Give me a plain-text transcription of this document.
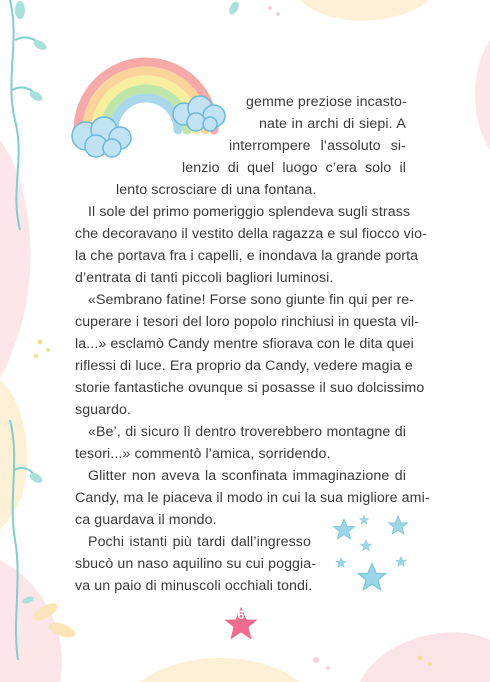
6
gemme preziose incasto-
nate in archi di siepi. A
interrompere l’assoluto si-
lenzio di quel luogo c’era solo il
lento scrosciare di una fontana.
Il sole del primo pomeriggio splendeva sugli strass
che decoravano il vestito della ragazza e sul fiocco vio-
la che portava fra i capelli, e inondava la grande porta
d’entrata di tanti piccoli bagliori luminosi.
«Sembrano fatine! Forse sono giunte fin qui per re-
cuperare i tesori del loro popolo rinchiusi in questa vil-
la...» esclamò Candy mentre sfiorava con le dita quei
riflessi di luce. Era proprio da Candy, vedere magia e
storie fantastiche ovunque si posasse il suo dolcissimo
sguardo.
«Be’, di sicuro lì dentro troverebbero montagne di
tesori...» commentò l’amica, sorridendo.
Glitter non aveva la sconfinata immaginazione di
Candy, ma le piaceva il modo in cui la sua migliore ami-
ca guardava il mondo.
Pochi istanti più tardi dall’ingresso
sbucò un naso aquilino su cui poggia-
va un paio di minuscoli occhiali tondi.
